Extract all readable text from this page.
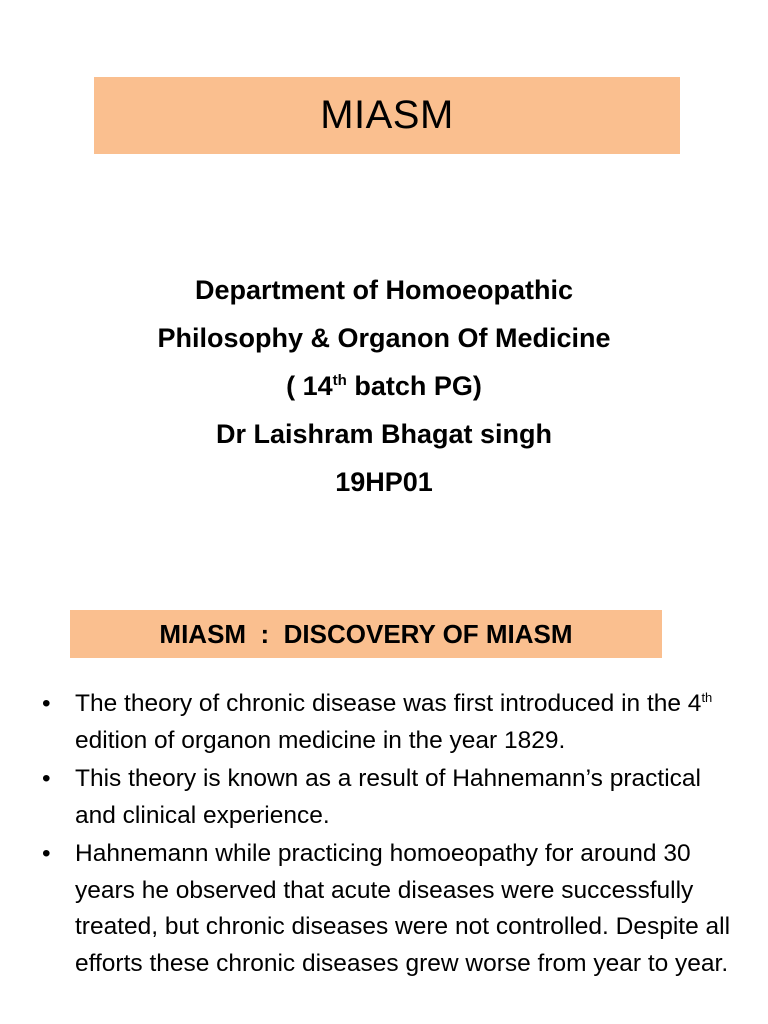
MIASM
Department of Homoeopathic
Philosophy & Organon Of Medicine
( 14th batch PG)
Dr Laishram Bhagat singh
19HP01
MIASM  :  DISCOVERY OF MIASM
• The theory of chronic disease was first introduced in the 4th edition of organon medicine in the year 1829.
• This theory is known as a result of Hahnemann’s practical and clinical experience.
• Hahnemann while practicing homoeopathy for around 30 years he observed that acute diseases were successfully treated, but chronic diseases were not controlled. Despite all efforts these chronic diseases grew worse from year to year.
